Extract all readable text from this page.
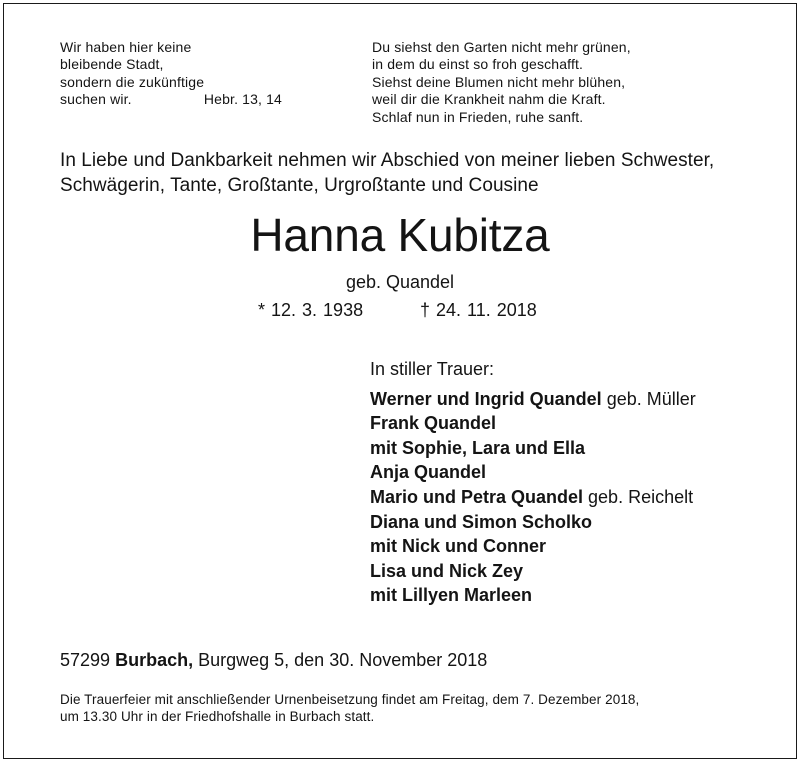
Wir haben hier keine
bleibende Stadt,
sondern die zukünftige
suchen wir.	Hebr. 13, 14
Du siehst den Garten nicht mehr grünen,
in dem du einst so froh geschafft.
Siehst deine Blumen nicht mehr blühen,
weil dir die Krankheit nahm die Kraft.
Schlaf nun in Frieden, ruhe sanft.
In Liebe und Dankbarkeit nehmen wir Abschied von meiner lieben Schwester,
Schwägerin, Tante, Großtante, Urgroßtante und Cousine
Hanna Kubitza
geb. Quandel
* 12. 3. 1938	† 24. 11. 2018
In stiller Trauer:
Werner und Ingrid Quandel geb. Müller
Frank Quandel
mit Sophie, Lara und Ella
Anja Quandel
Mario und Petra Quandel geb. Reichelt
Diana und Simon Scholko
mit Nick und Conner
Lisa und Nick Zey
mit Lillyen Marleen
57299 Burbach, Burgweg 5, den 30. November 2018
Die Trauerfeier mit anschließender Urnenbeisetzung findet am Freitag, dem 7. Dezember 2018,
um 13.30 Uhr in der Friedhofshalle in Burbach statt.
